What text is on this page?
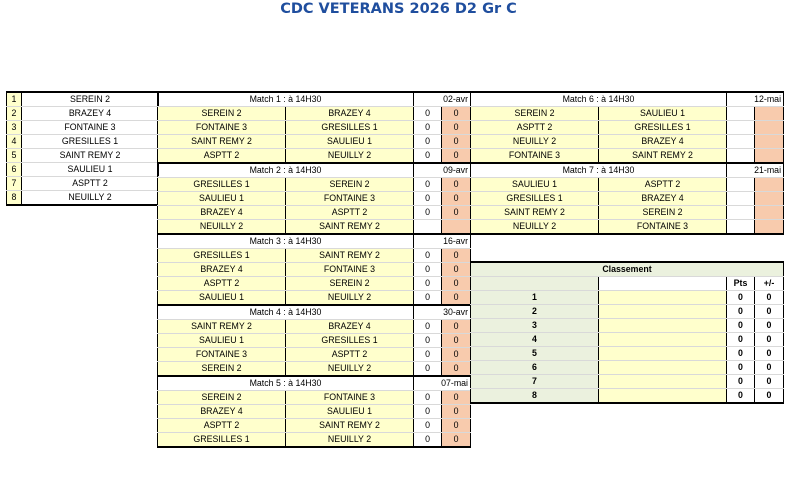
CDC VETERANS 2026 D2 Gr C
1	SEREIN 2
2	BRAZEY 4
3	FONTAINE 3
4	GRESILLES 1
5	SAINT REMY 2
6	SAULIEU 1
7	ASPTT 2
8	NEUILLY 2
Match 1 : à 14H30		02-avr	
SEREIN 2	BRAZEY 4	0	0
FONTAINE 3	GRESILLES 1	0	0
SAINT REMY 2	SAULIEU 1	0	0
ASPTT 2	NEUILLY 2	0	0
Match 2 : à 14H30		09-avr	
GRESILLES 1	SEREIN 2	0	0
SAULIEU 1	FONTAINE 3	0	0
BRAZEY 4	ASPTT 2	0	0
NEUILLY 2	SAINT REMY 2		
Match 3 : à 14H30		16-avr	
GRESILLES 1	SAINT REMY 2	0	0
BRAZEY 4	FONTAINE 3	0	0
ASPTT 2	SEREIN 2	0	0
SAULIEU 1	NEUILLY 2	0	0
Match 4 : à 14H30		30-avr	
SAINT REMY 2	BRAZEY 4	0	0
SAULIEU 1	GRESILLES 1	0	0
FONTAINE 3	ASPTT 2	0	0
SEREIN 2	NEUILLY 2	0	0
Match 5 : à 14H30		07-mai	
SEREIN 2	FONTAINE 3	0	0
BRAZEY 4	SAULIEU 1	0	0
ASPTT 2	SAINT REMY 2	0	0
GRESILLES 1	NEUILLY 2	0	0
Match 6 : à 14H30		12-mai	
SEREIN 2	SAULIEU 1		
ASPTT 2	GRESILLES 1		
NEUILLY 2	BRAZEY 4		
FONTAINE 3	SAINT REMY 2		
Match 7 : à 14H30		21-mai	
SAULIEU 1	ASPTT 2		
GRESILLES 1	BRAZEY 4		
SAINT REMY 2	SEREIN 2		
NEUILLY 2	FONTAINE 3		
Classement			
		Pts	+/-
1		0	0
2		0	0
3		0	0
4		0	0
5		0	0
6		0	0
7		0	0
8		0	0
